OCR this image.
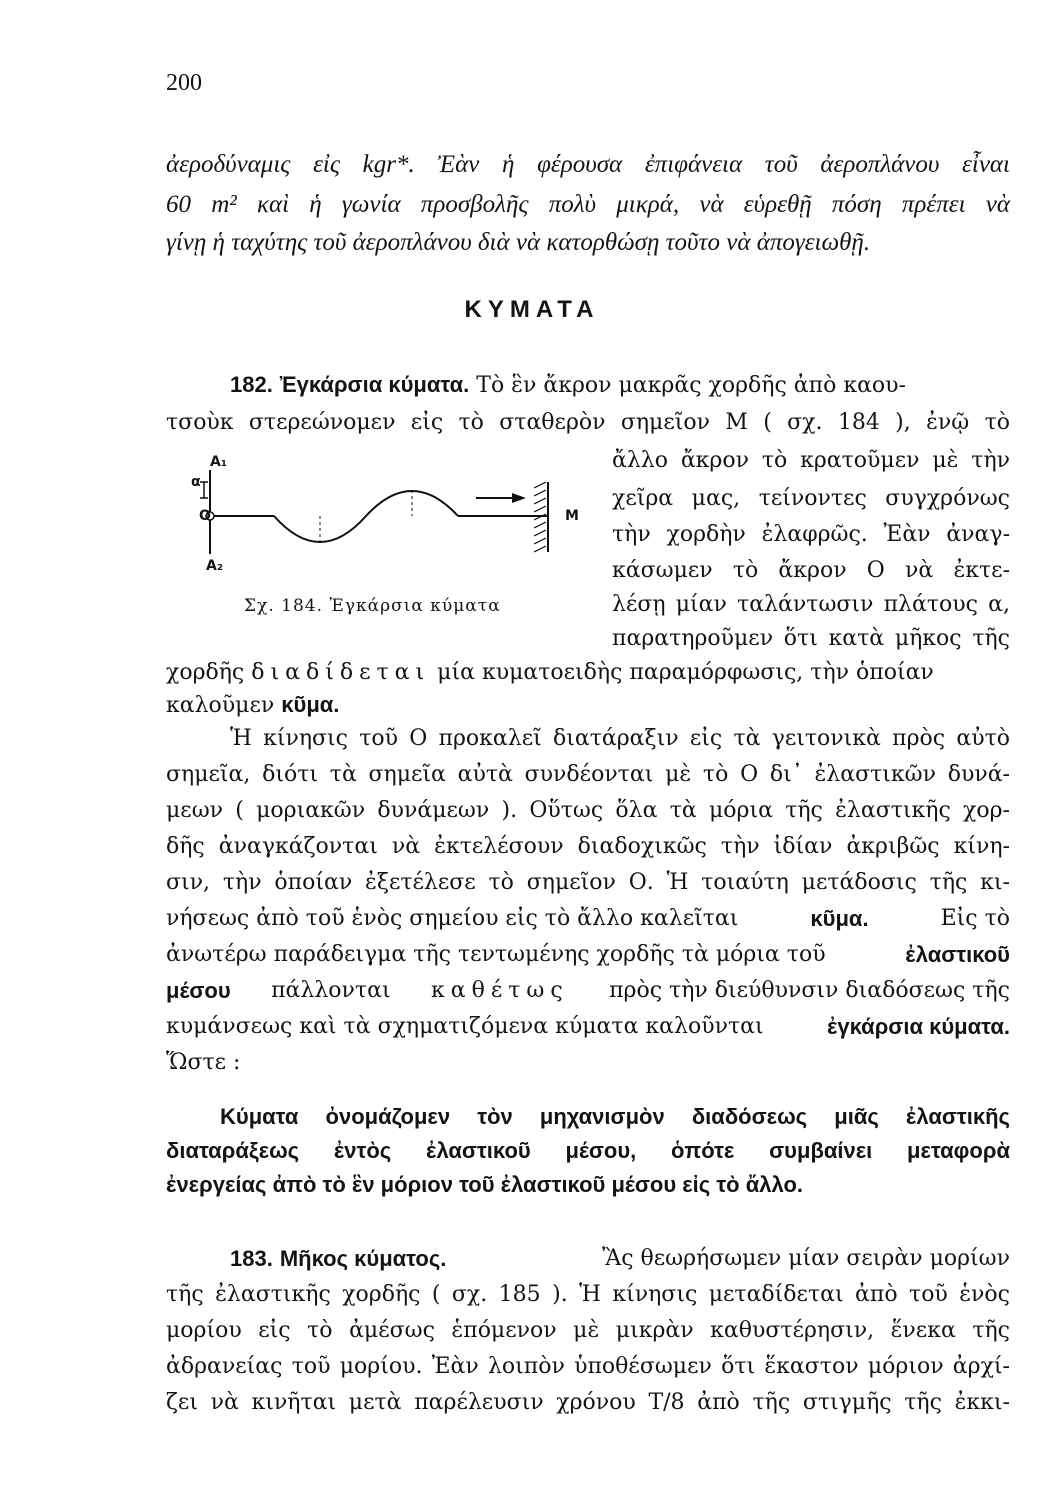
200
ἀεροδύναμις εἰς kgr*. Ἐὰν ἡ φέρουσα ἐπιφάνεια τοῦ ἀεροπλάνου εἶναι
60 m² καὶ ἡ γωνία προσβολῆς πολὺ μικρά, νὰ εὑρεθῇ πόση πρέπει νὰ
γίνῃ ἡ ταχύτης τοῦ ἀεροπλάνου διὰ νὰ κατορθώσῃ τοῦτο νὰ ἀπογειωθῇ.
ΚΥΜΑΤΑ
182. Ἐγκάρσια κύματα. Τὸ ἓν ἄκρον μακρᾶς χορδῆς ἀπὸ καου-
τσοὺκ στερεώνομεν εἰς τὸ σταθερὸν σημεῖον Μ ( σχ. 184 ), ἐνῷ τὸ
ἄλλο ἄκρον τὸ κρατοῦμεν μὲ τὴν
χεῖρα μας, τείνοντες συγχρόνως
τὴν χορδὴν ἐλαφρῶς. Ἐὰν ἀναγ-
κάσωμεν τὸ ἄκρον Ο νὰ ἐκτε-
λέσῃ μίαν ταλάντωσιν πλάτους α,
παρατηροῦμεν ὅτι κατὰ μῆκος τῆς
A₁
α
O	M
A₂
Σχ. 184. Ἐγκάρσια κύματα
χορδῆς διαδίδεται μία κυματοειδὴς παραμόρφωσις, τὴν ὁποίαν
καλοῦμεν κῦμα.
Ἡ κίνησις τοῦ Ο προκαλεῖ διατάραξιν εἰς τὰ γειτονικὰ πρὸς αὐτὸ
σημεῖα, διότι τὰ σημεῖα αὐτὰ συνδέονται μὲ τὸ Ο δι᾿ ἐλαστικῶν δυνά-
μεων ( μοριακῶν δυνάμεων ). Οὕτως ὅλα τὰ μόρια τῆς ἐλαστικῆς χορ-
δῆς ἀναγκάζονται νὰ ἐκτελέσουν διαδοχικῶς τὴν ἰδίαν ἀκριβῶς κίνη-
σιν, τὴν ὁποίαν ἐξετέλεσε τὸ σημεῖον Ο. Ἡ τοιαύτη μετάδοσις τῆς κι-
νήσεως ἀπὸ τοῦ ἑνὸς σημείου εἰς τὸ ἄλλο καλεῖται	κῦμα.	Εἰς τὸ
ἀνωτέρω παράδειγμα τῆς τεντωμένης χορδῆς τὰ μόρια τοῦ	ἐλαστικοῦ
μέσου πάλλονται καθέτως πρὸς τὴν διεύθυνσιν διαδόσεως τῆς
κυμάνσεως καὶ τὰ σχηματιζόμενα κύματα καλοῦνται	ἐγκάρσια κύματα.
Ὥστε :
Κύματα ὀνομάζομεν τὸν μηχανισμὸν διαδόσεως μιᾶς ἐλαστικῆς
διαταράξεως ἐντὸς ἐλαστικοῦ μέσου, ὁπότε συμβαίνει μεταφορὰ
ἐνεργείας ἀπὸ τὸ ἓν μόριον τοῦ ἐλαστικοῦ μέσου εἰς τὸ ἄλλο.
183. Μῆκος κύματος.	Ἂς θεωρήσωμεν μίαν σειρὰν μορίων
τῆς ἐλαστικῆς χορδῆς ( σχ. 185 ). Ἡ κίνησις μεταδίδεται ἀπὸ τοῦ ἑνὸς
μορίου εἰς τὸ ἀμέσως ἑπόμενον μὲ μικρὰν καθυστέρησιν, ἕνεκα τῆς
ἀδρανείας τοῦ μορίου. Ἐὰν λοιπὸν ὑποθέσωμεν ὅτι ἕκαστον μόριον ἀρχί-
ζει νὰ κινῆται μετὰ παρέλευσιν χρόνου Τ/8 ἀπὸ τῆς στιγμῆς τῆς ἐκκι-
